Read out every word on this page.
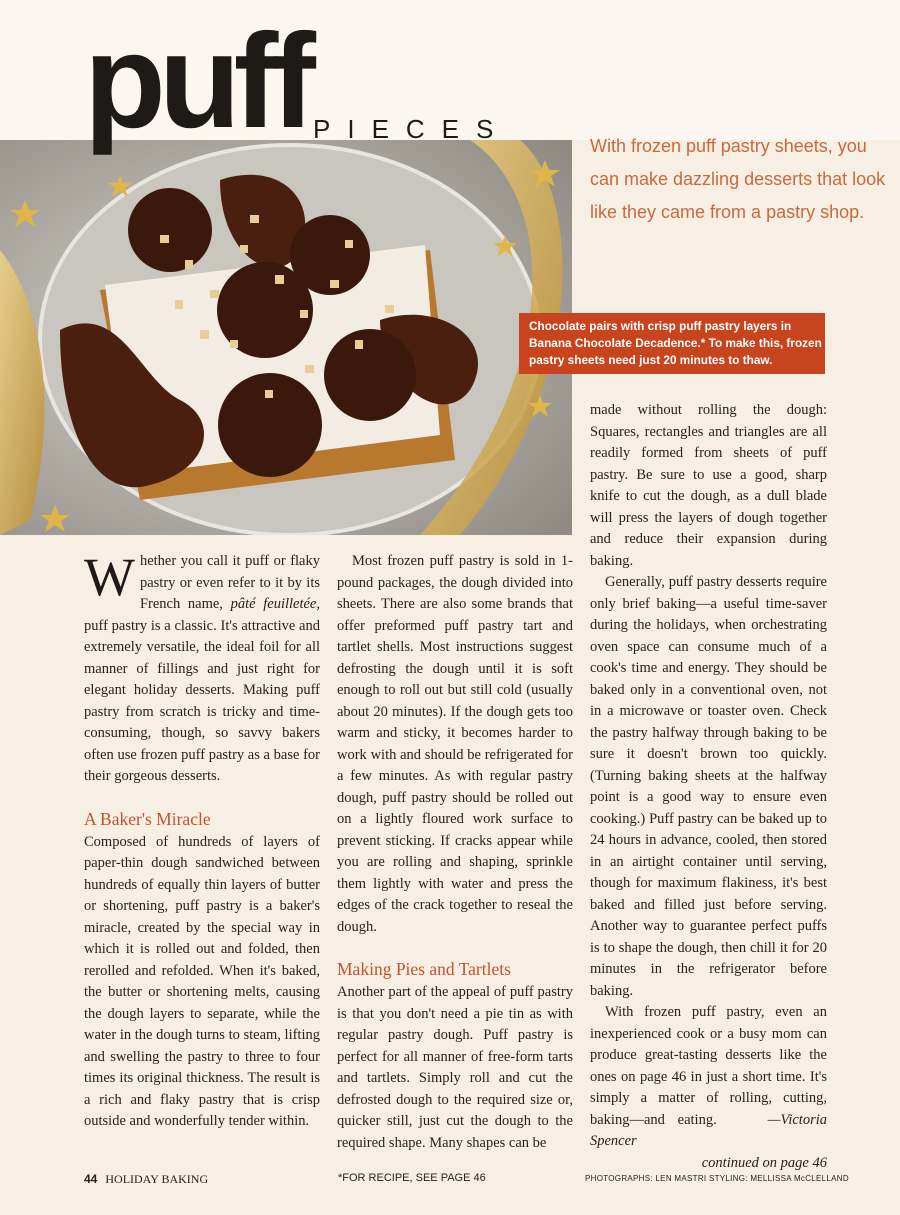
puff PIECES
With frozen puff pastry sheets, you can make dazzling desserts that look like they came from a pastry shop.
Chocolate pairs with crisp puff pastry layers in Banana Chocolate Decadence.* To make this, frozen pastry sheets need just 20 minutes to thaw.

Whether you call it puff or flaky pastry or even refer to it by its French name, pâté feuilletée, puff pastry is a classic. It's attractive and extremely versatile, the ideal foil for all manner of fillings and just right for elegant holiday desserts. Making puff pastry from scratch is tricky and time-consuming, though, so savvy bakers often use frozen puff pastry as a base for their gorgeous desserts.

A Baker's Miracle

Composed of hundreds of layers of paper-thin dough sandwiched between hundreds of equally thin layers of butter or shortening, puff pastry is a baker's miracle, created by the special way in which it is rolled out and folded, then rerolled and refolded. When it's baked, the butter or shortening melts, causing the dough layers to separate, while the water in the dough turns to steam, lifting and swelling the pastry to three to four times its original thickness. The result is a rich and flaky pastry that is crisp outside and wonderfully tender within.

Most frozen puff pastry is sold in 1-pound packages, the dough divided into sheets. There are also some brands that offer preformed puff pastry tart and tartlet shells. Most instructions suggest defrosting the dough until it is soft enough to roll out but still cold (usually about 20 minutes). If the dough gets too warm and sticky, it becomes harder to work with and should be refrigerated for a few minutes. As with regular pastry dough, puff pastry should be rolled out on a lightly floured work surface to prevent sticking. If cracks appear while you are rolling and shaping, sprinkle them lightly with water and press the edges of the crack together to reseal the dough.

Making Pies and Tartlets

Another part of the appeal of puff pastry is that you don't need a pie tin as with regular pastry dough. Puff pastry is perfect for all manner of free-form tarts and tartlets. Simply roll and cut the defrosted dough to the required size or, quicker still, just cut the dough to the required shape. Many shapes can be

made without rolling the dough: Squares, rectangles and triangles are all readily formed from sheets of puff pastry. Be sure to use a good, sharp knife to cut the dough, as a dull blade will press the layers of dough together and reduce their expansion during baking.

Generally, puff pastry desserts require only brief baking—a useful time-saver during the holidays, when orchestrating oven space can consume much of a cook's time and energy. They should be baked only in a conventional oven, not in a microwave or toaster oven. Check the pastry halfway through baking to be sure it doesn't brown too quickly. (Turning baking sheets at the halfway point is a good way to ensure even cooking.) Puff pastry can be baked up to 24 hours in advance, cooled, then stored in an airtight container until serving, though for maximum flakiness, it's best baked and filled just before serving. Another way to guarantee perfect puffs is to shape the dough, then chill it for 20 minutes in the refrigerator before baking.

With frozen puff pastry, even an inexperienced cook or a busy mom can produce great-tasting desserts like the ones on page 46 in just a short time. It's simply a matter of rolling, cutting, baking—and eating.	—Victoria Spencer

continued on page 46
44 HOLIDAY BAKING	*FOR RECIPE, SEE PAGE 46	PHOTOGRAPHS: LEN MASTRI STYLING: MELLISSA McCLELLAND
